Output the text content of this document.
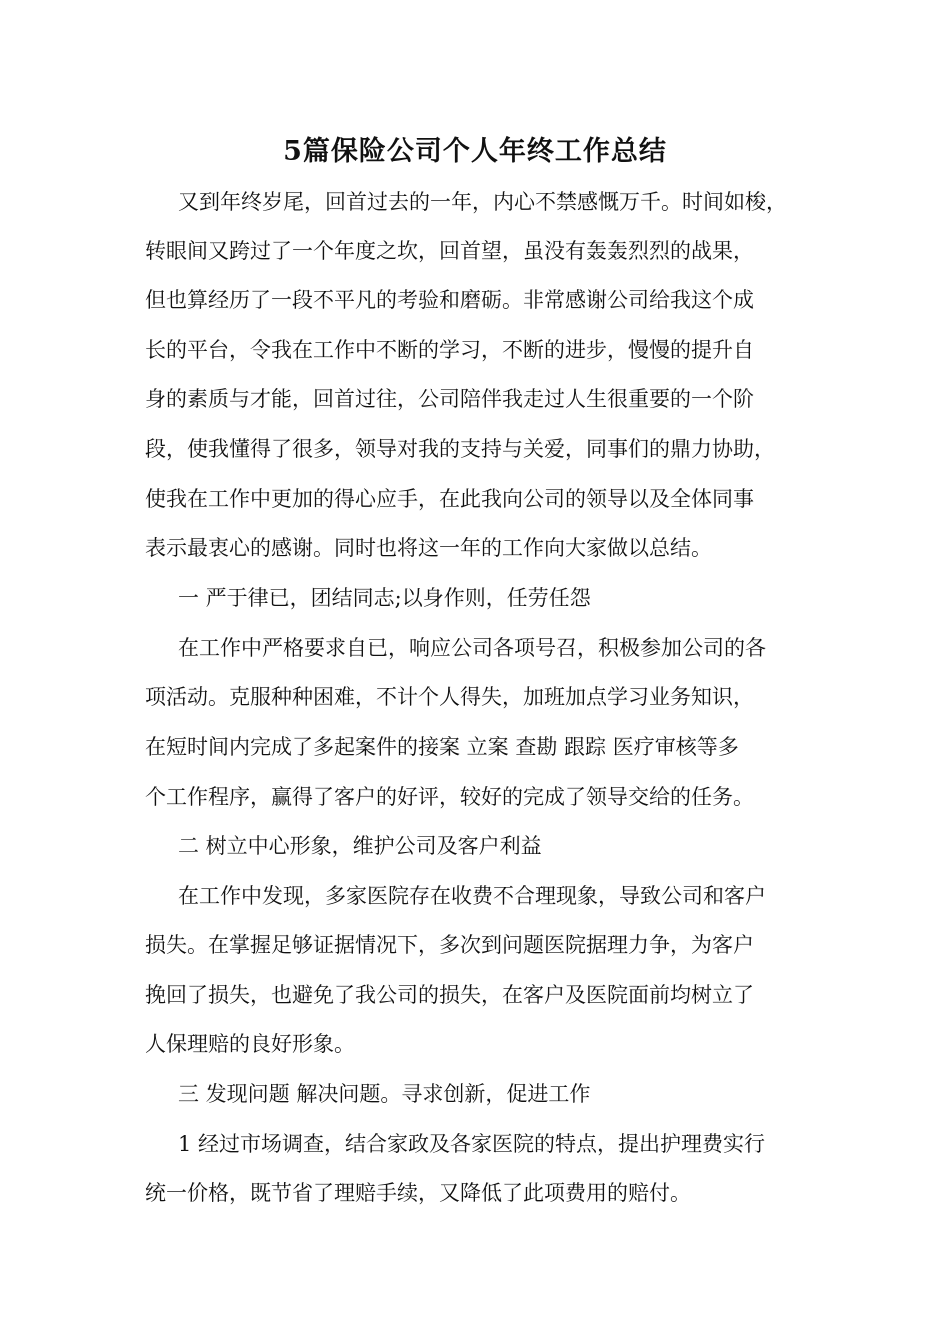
5篇保险公司个人年终工作总结
又到年终岁尾，回首过去的一年，内心不禁感慨万千。时间如梭，
转眼间又跨过了一个年度之坎，回首望，虽没有轰轰烈烈的战果，
但也算经历了一段不平凡的考验和磨砺。非常感谢公司给我这个成
长的平台，令我在工作中不断的学习，不断的进步，慢慢的提升自
身的素质与才能，回首过往，公司陪伴我走过人生很重要的一个阶
段，使我懂得了很多，领导对我的支持与关爱，同事们的鼎力协助，
使我在工作中更加的得心应手，在此我向公司的领导以及全体同事
表示最衷心的感谢。同时也将这一年的工作向大家做以总结。
一 严于律已，团结同志;以身作则，任劳任怨
在工作中严格要求自已，响应公司各项号召，积极参加公司的各
项活动。克服种种困难，不计个人得失，加班加点学习业务知识，
在短时间内完成了多起案件的接案 立案 查勘 跟踪 医疗审核等多
个工作程序，赢得了客户的好评，较好的完成了领导交给的任务。
二 树立中心形象，维护公司及客户利益
在工作中发现，多家医院存在收费不合理现象，导致公司和客户
损失。在掌握足够证据情况下，多次到问题医院据理力争，为客户
挽回了损失，也避免了我公司的损失，在客户及医院面前均树立了
人保理赔的良好形象。
三 发现问题 解决问题。寻求创新，促进工作
1 经过市场调查，结合家政及各家医院的特点，提出护理费实行
统一价格，既节省了理赔手续，又降低了此项费用的赔付。
